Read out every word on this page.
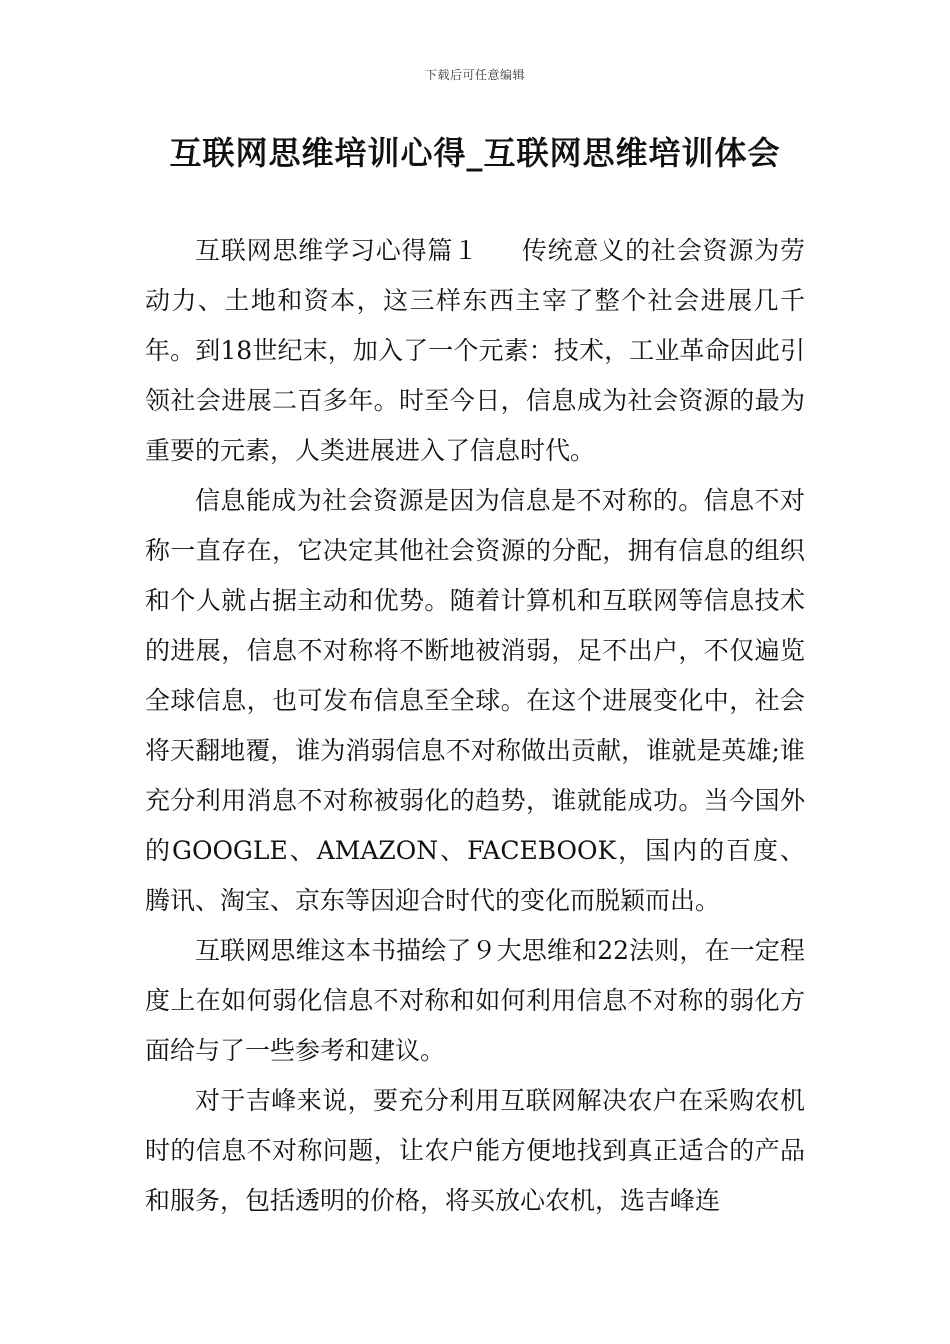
下载后可任意编辑
互联网思维培训心得_互联网思维培训体会

互联网思维学习心得篇１ 传统意义的社会资源为劳动力、土地和资本，这三样东西主宰了整个社会进展几千年。到18世纪末，加入了一个元素：技术，工业革命因此引领社会进展二百多年。时至今日，信息成为社会资源的最为重要的元素，人类进展进入了信息时代。

信息能成为社会资源是因为信息是不对称的。信息不对称一直存在，它决定其他社会资源的分配，拥有信息的组织和个人就占据主动和优势。随着计算机和互联网等信息技术的进展，信息不对称将不断地被消弱，足不出户，不仅遍览全球信息，也可发布信息至全球。在这个进展变化中，社会将天翻地覆，谁为消弱信息不对称做出贡献，谁就是英雄;谁充分利用消息不对称被弱化的趋势，谁就能成功。当今国外的GOOGLE、AMAZON、FACEBOOK，国内的百度、腾讯、淘宝、京东等因迎合时代的变化而脱颖而出。

互联网思维这本书描绘了９大思维和22法则，在一定程度上在如何弱化信息不对称和如何利用信息不对称的弱化方面给与了一些参考和建议。

对于吉峰来说，要充分利用互联网解决农户在采购农机时的信息不对称问题，让农户能方便地找到真正适合的产品和服务，包括透明的价格，将买放心农机，选吉峰连
